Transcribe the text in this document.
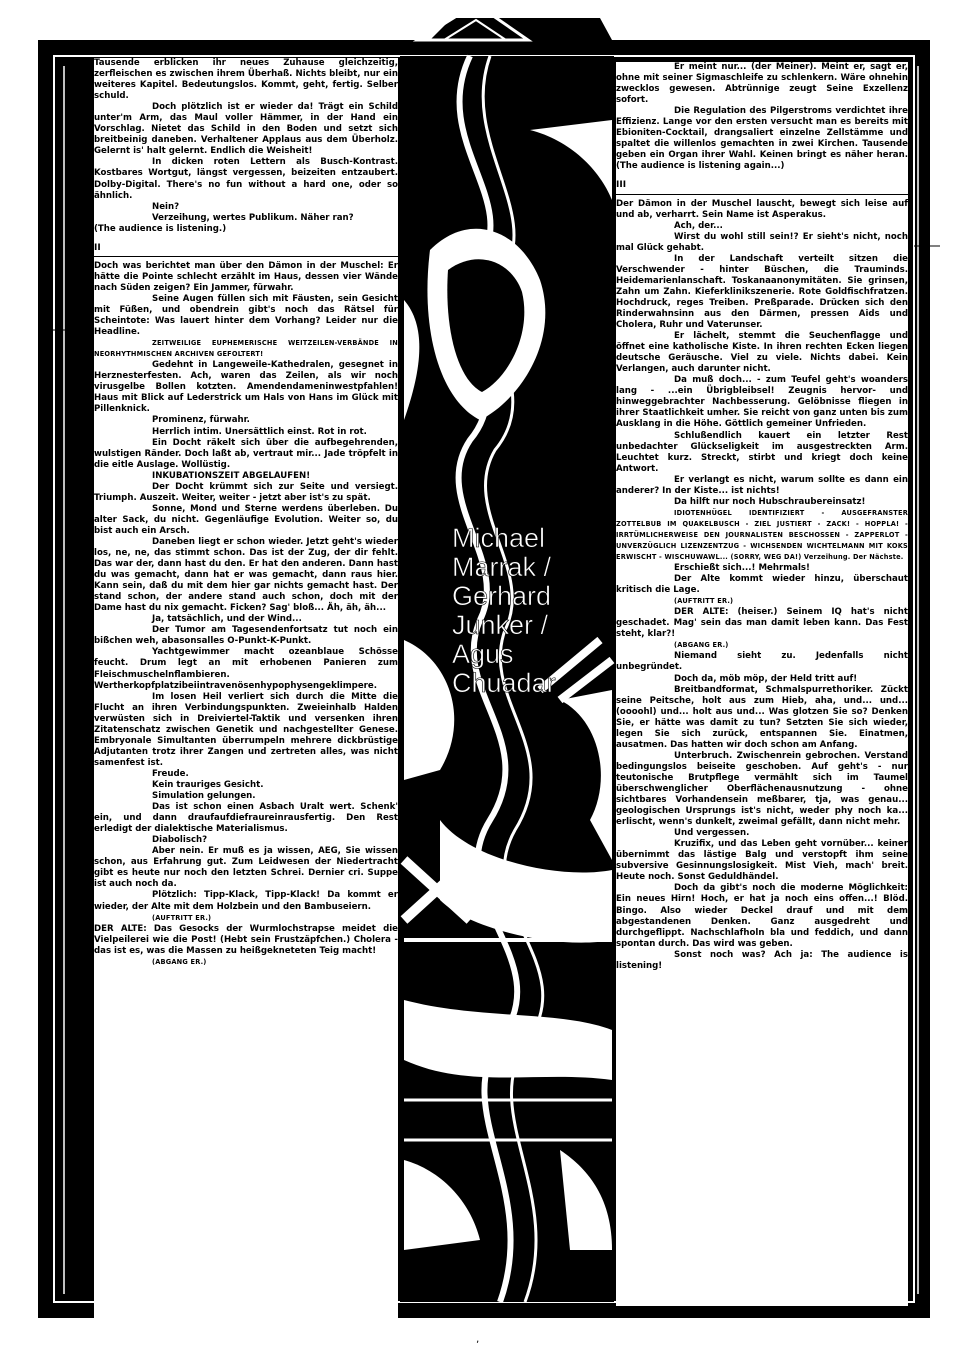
Tausende erblicken ihr neues Zuhause gleichzeitig, zerfleischen es zwischen ihrem Überhaß. Nichts bleibt, nur ein weiteres Kapitel. Bedeutungslos. Kommt, geht, fertig. Selber schuld.

Doch plötzlich ist er wieder da! Trägt ein Schild unter'm Arm, das Maul voller Hämmer, in der Hand ein Vorschlag. Nietet das Schild in den Boden und setzt sich breitbeinig daneben. Verhaltener Applaus aus dem Überholz. Gelernt is' halt gelernt. Endlich die Weisheit!

In dicken roten Lettern als Busch-Kontrast. Kostbares Wortgut, längst vergessen, beizeiten entzaubert. Dolby-Digital. There's no fun without a hard one, oder so ähnlich.

Nein?

Verzeihung, wertes Publikum. Näher ran?

(The audience is listening.)

II

Doch was berichtet man über den Dämon in der Muschel: Er hätte die Pointe schlecht erzählt im Haus, dessen vier Wände nach Süden zeigen? Ein Jammer, fürwahr.

Seine Augen füllen sich mit Fäusten, sein Gesicht mit Füßen, und obendrein gibt's noch das Rätsel für Scheintote: Was lauert hinter dem Vorhang? Leider nur die Headline.

ZEITWEILIGE EUPHEMERISCHE WEITZEILEN-VERBÄNDE IN NEORHYTHMISCHEN ARCHIVEN GEFOLTERT!

Gedehnt in Langeweile-Kathedralen, gesegnet in Herznesterfesten. Ach, waren das Zeilen, als wir noch virusgelbe Bollen kotzten. Amendendameninwestpfahlen! Haus mit Blick auf Lederstrick um Hals von Hans im Glück mit Pillenknick.

Prominenz, fürwahr.

Herrlich intim. Unersättlich einst. Rot in rot.

Ein Docht räkelt sich über die aufbegehrenden, wulstigen Ränder. Doch laßt ab, vertraut mir... Jade tröpfelt in die eitle Auslage. Wollüstig.

INKUBATIONSZEIT ABGELAUFEN!

Der Docht krümmt sich zur Seite und versiegt. Triumph. Auszeit. Weiter, weiter - jetzt aber ist's zu spät.

Sonne, Mond und Sterne werdens überleben. Du alter Sack, du nicht. Gegenläufige Evolution. Weiter so, du bist auch ein Arsch.

Daneben liegt er schon wieder. Jetzt geht's wieder los, ne, ne, das stimmt schon. Das ist der Zug, der dir fehlt. Das war der, dann hast du den. Er hat den anderen. Dann hast du was gemacht, dann hat er was gemacht, dann raus hier. Kann sein, daß du mit dem hier gar nichts gemacht hast. Der stand schon, der andere stand auch schon, doch mit der Dame hast du nix gemacht. Ficken? Sag' bloß... Äh, äh, äh...

Ja, tatsächlich, und der Wind...

Der Tumor am Tagesendenfortsatz tut noch ein bißchen weh, abasonsalles O-Punkt-K-Punkt.

Yachtgewimmer macht ozeanblaue Schösse feucht. Drum legt an mit erhobenen Panieren zum Fleischmuschelnflambieren.

Wertherkopfplatzibeiintravenösenhypophysengeklimpere.

Im losen Heil verliert sich durch die Mitte die Flucht an ihren Verbindungspunkten. Zweieinhalb Halden verwüsten sich in Dreiviertel-Taktik und versenken ihren Zitatenschatz zwischen Genetik und nachgestellter Genese. Embryonale Simultanten überrumpeln mehrere dickbrüstige Adjutanten trotz ihrer Zangen und zertreten alles, was nicht samenfest ist.

Freude.

Kein trauriges Gesicht.

Simulation gelungen.

Das ist schon einen Asbach Uralt wert. Schenk' ein, und dann draufaufdiefraureinrausfertig. Den Rest erledigt der dialektische Materialismus.

Diabolisch?

Aber nein. Er muß es ja wissen, AEG, Sie wissen schon, aus Erfahrung gut. Zum Leidwesen der Niedertracht gibt es heute nur noch den letzten Schrei. Dernier cri. Suppe ist auch noch da.

Plötzlich: Tipp-Klack, Tipp-Klack! Da kommt er wieder, der Alte mit dem Holzbein und den Bambuseiern.

(AUFTRITT ER.)

DER ALTE: Das Gesocks der Wurmlochstrapse meidet die Vielpeilerei wie die Post! (Hebt sein Frustzäpfchen.) Cholera - das ist es, was die Massen zu heißgekneteten Teig macht!

(ABGANG ER.)

Er meint nur... (der Meiner). Meint er, sagt er, ohne mit seiner Sigmaschleife zu schlenkern. Wäre ohnehin zwecklos gewesen. Abtrünnige zeugt Seine Exzellenz sofort.

Die Regulation des Pilgerstroms verdichtet ihre Effizienz. Lange vor den ersten versucht man es bereits mit Ebioniten-Cocktail, drangsaliert einzelne Zellstämme und spaltet die willenlos gemachten in zwei Kirchen. Tausende geben ein Organ ihrer Wahl. Keinen bringt es näher heran. (The audience is listening again...)

III

Der Dämon in der Muschel lauscht, bewegt sich leise auf und ab, verharrt. Sein Name ist Asperakus.

Ach, der...

Wirst du wohl still sein!? Er sieht's nicht, noch mal Glück gehabt.

In der Landschaft verteilt sitzen die Verschwender - hinter Büschen, die Trauminds. Heidemarienlanschaft. Toskanaanonymitäten. Sie grinsen, Zahn um Zahn. Kieferklinikszenerie. Rote Goldfischfratzen. Hochdruck, reges Treiben. Preßparade. Drücken sich den Rinderwahnsinn aus den Därmen, pressen Aids und Cholera, Ruhr und Vaterunser.

Er lächelt, stemmt die Seuchenflagge und öffnet eine katholische Kiste. In ihren rechten Ecken liegen deutsche Geräusche. Viel zu viele. Nichts dabei. Kein Verlangen, auch darunter nicht.

Da muß doch... - zum Teufel geht's woanders lang - ...ein Übrigbleibsel! Zeugnis hervor- und hinweggebrachter Nachbesserung. Gelöbnisse fliegen in ihrer Staatlichkeit umher. Sie reicht von ganz unten bis zum Ausklang in die Höhe. Göttlich gemeiner Unfrieden.

Schlußendlich kauert ein letzter Rest unbedachter Glückseligkeit im ausgestreckten Arm. Leuchtet kurz. Streckt, stirbt und kriegt doch keine Antwort.

Er verlangt es nicht, warum sollte es dann ein anderer? In der Kiste... ist nichts!

Da hilft nur noch Hubschraubereinsatz!

IDIOTENHÜGEL IDENTIFIZIERT - AUSGEFRANSTER ZOTTELBUB IM QUAKELBUSCH - ZIEL JUSTIERT - ZACK! - HOPPLA! - IRRTÜMLICHERWEISE DEN JOURNALISTEN BESCHOSSEN - ZAPPERLOT - UNVERZÜGLICH LIZENZENTZUG - WICHSENDEN WICHTELMANN MIT KOKS ERWISCHT - WISCHUWAWL... (SORRY, WEG DA!) Verzeihung. Der Nächste.

Erschießt sich...! Mehrmals!

Der Alte kommt wieder hinzu, überschaut kritisch die Lage.

(AUFTRITT ER.)

DER ALTE: (heiser.) Seinem IQ hat's nicht geschadet. Mag' sein das man damit leben kann. Das Fest steht, klar?!

(ABGANG ER.)

Niemand sieht zu. Jedenfalls nicht unbegründet.

Doch da, möb möp, der Held tritt auf!

Breitbandformat, Schmalspurrethoriker. Zückt seine Peitsche, holt aus zum Hieb, aha, und... und... (oooohl) und... holt aus und... Was glotzen Sie so? Denken Sie, er hätte was damit zu tun? Setzten Sie sich wieder, legen Sie sich zurück, entspannen Sie. Einatmen, ausatmen. Das hatten wir doch schon am Anfang.

Unterbruch. Zwischenrein gebrochen. Verstand bedingungslos beiseite geschoben. Auf geht's - nur teutonische Brutpflege vermählt sich im Taumel überschwenglicher Oberflächenausnutzung - ohne sichtbares Vorhandensein meßbarer, tja, was genau... geologischen Ursprungs ist's nicht, weder phy noch ka... erlischt, wenn's dunkelt, zweimal gefällt, dann nicht mehr.

Und vergessen.

Kruzifix, und das Leben geht vornüber... keiner übernimmt das lästige Balg und verstopft ihm seine subversive Gesinnungslosigkeit. Mist Vieh, mach' breit. Heute noch. Sonst Geduldhändel.

Doch da gibt's noch die moderne Möglichkeit: Ein neues Hirn! Hoch, er hat ja noch eins offen...! Blöd. Bingo. Also wieder Deckel drauf und mit dem abgestandenen Denken. Ganz ausgedreht und durchgeflippt. Nachschlafholn bla und feddich, und dann spontan durch. Das wird was geben.

Sonst noch was? Ach ja: The audience is listening!

Michael
Marrak /
Gerhard
Junker /
Agus
Chuadar
‚
